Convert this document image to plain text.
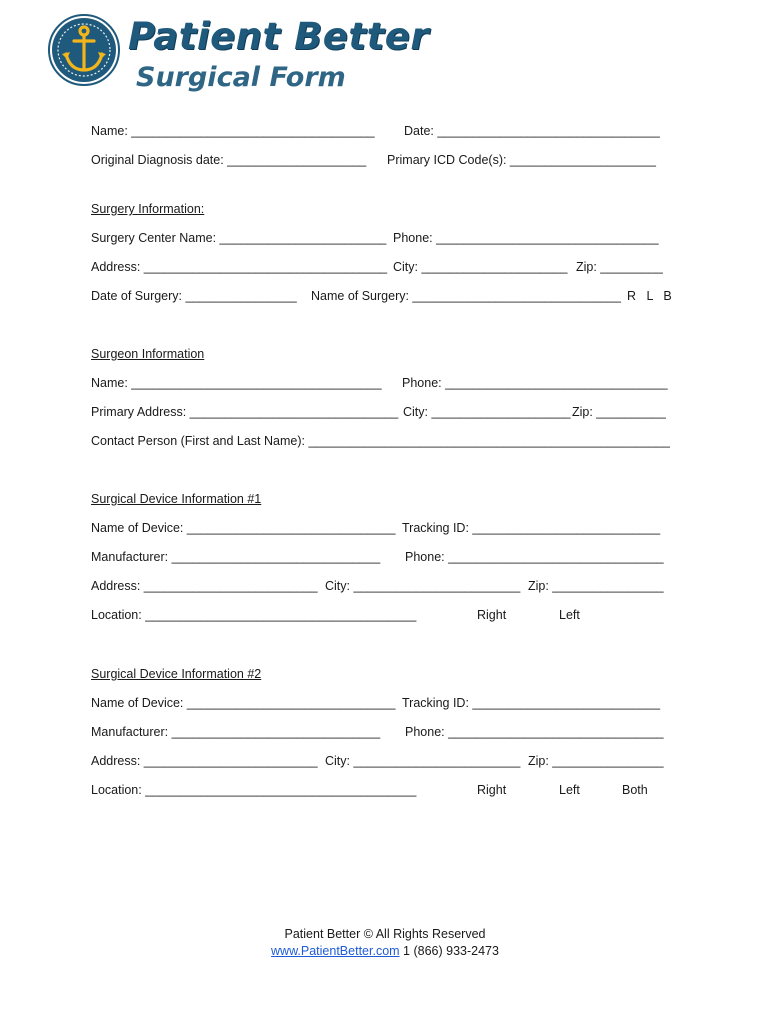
Patient Better
Surgical Form
Name: ___________________________________ Date: ________________________________
Original Diagnosis date: ____________________ Primary ICD Code(s): _____________________
Surgery Information:
Surgery Center Name: ________________________ Phone: ________________________________
Address: ___________________________________ City: _____________________ Zip: _________
Date of Surgery: ________________ Name of Surgery: ______________________________ R   L   B
Surgeon Information
Name: ____________________________________ Phone: ________________________________
Primary Address: ______________________________ City: ____________________ Zip: __________
Contact Person (First and Last Name): ____________________________________________________
Surgical Device Information #1
Name of Device: ______________________________ Tracking ID: ___________________________
Manufacturer: ______________________________ Phone: _______________________________
Address: _________________________ City: ________________________ Zip: ________________
Location: _______________________________________	Right	Left
Surgical Device Information #2
Name of Device: ______________________________ Tracking ID: ___________________________
Manufacturer: ______________________________ Phone: _______________________________
Address: _________________________ City: ________________________ Zip: ________________
Location: _______________________________________	Right	Left	Both
Patient Better © All Rights Reserved
www.PatientBetter.com 1 (866) 933-2473
